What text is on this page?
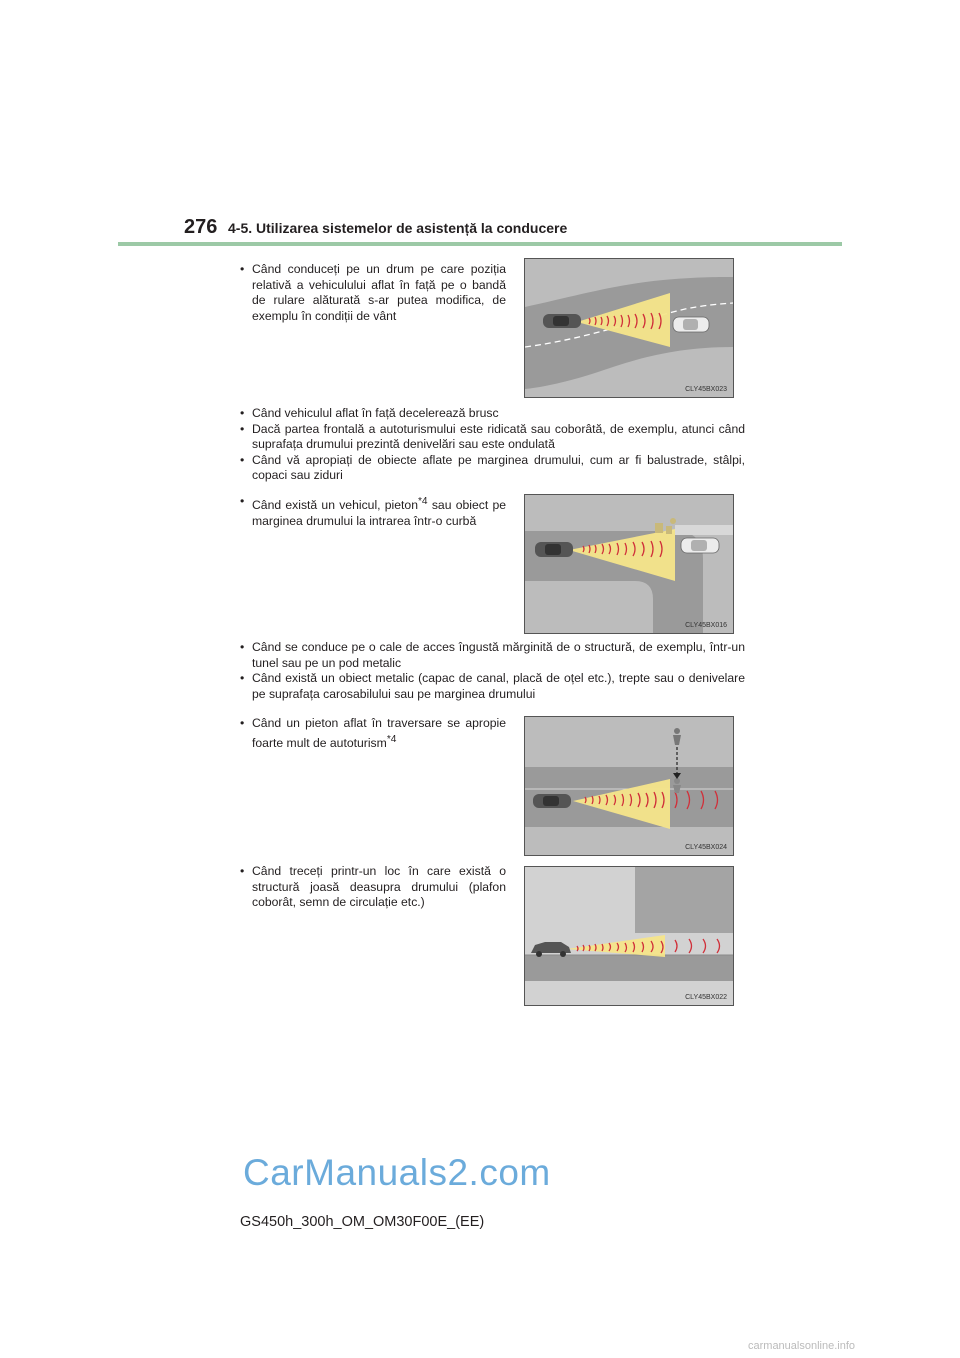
276 4-5. Utilizarea sistemelor de asistență la conducere
• Când conduceți pe un drum pe care poziția relativă a vehiculului aflat în față pe o bandă de rulare alăturată s-ar putea modifica, de exemplu în condiții de vânt
CLY45BX023
• Când vehiculul aflat în față decelerează brusc
• Dacă partea frontală a autoturismului este ridicată sau coborâtă, de exemplu, atunci când suprafața drumului prezintă denivelări sau este ondulată
• Când vă apropiați de obiecte aflate pe marginea drumului, cum ar fi balustrade, stâlpi, copaci sau ziduri
• Când există un vehicul, pieton$^{*4}$ sau obiect pe marginea drumului la intrarea într-o curbă
CLY45BX016
• Când se conduce pe o cale de acces îngustă mărginită de o structură, de exemplu, într-un tunel sau pe un pod metalic
• Când există un obiect metalic (capac de canal, placă de oțel etc.), trepte sau o denivelare pe suprafața carosabilului sau pe marginea drumului
• Când un pieton aflat în traversare se apropie foarte mult de autoturism$^{*4}$
CLY45BX024
• Când treceți printr-un loc în care există o structură joasă deasupra drumului (plafon coborât, semn de circulație etc.)
CLY45BX022
CarManuals2.com
GS450h_300h_OM_OM30F00E_(EE)
carmanualsonline.info
